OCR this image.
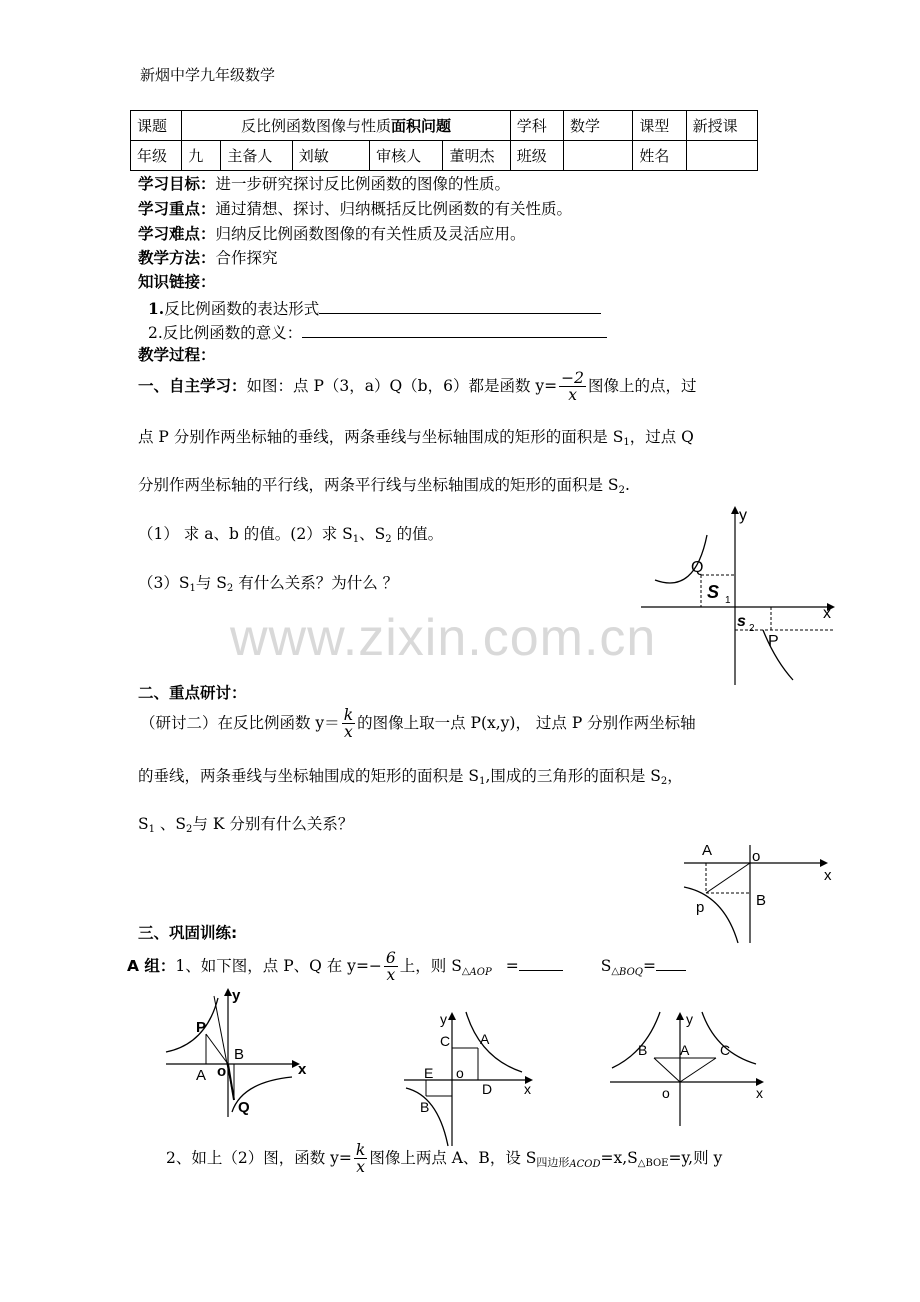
新烟中学九年级数学
课题	反比例函数图像与性质面积问题					学科	数学	课型	新授课
年级	九	主备人	刘敏	审核人	董明杰	班级		姓名	
学习目标：进一步研究探讨反比例函数的图像的性质。
学习重点：通过猜想、探讨、归纳概括反比例函数的有关性质。
学习难点：归纳反比例函数图像的有关性质及灵活应用。
教学方法：合作探究
知识链接：
1.反比例函数的表达形式
2.反比例函数的意义：
教学过程：
一、自主学习：如图：点 P（3，a）Q（b，6）都是函数 $y= \frac{-2}{x}$ 图像上的点，过
点 P 分别作两坐标轴的垂线，两条垂线与坐标轴围成的矩形的面积是 $S_1$，过点 Q
分别作两坐标轴的平行线，两条平行线与坐标轴围成的矩形的面积是 $S_2$.
（1） 求 a、b 的值。(2）求 $S_1$、$S_2$ 的值。
$(3)S_1$与 $S_2$ 有什么关系？为什么 ？
y
x
Q
P
S 1
s 2
www.zixin.com.cn
二、重点研讨：
（研讨二）在反比例函数 $y= \frac{k}{x}$ 的图像上取一点 P(x,y)， 过点 P 分别作两坐标轴
的垂线，两条垂线与坐标轴围成的矩形的面积是 $S_1$,围成的三角形的面积是 $S_2$，
$S_1$ 、$S_2$与 K 分别有什么关系？
A	o
x
B
p
三、巩固训练:
A 组：1、如下图，点 P、Q 在 $y=- \frac{6}{x}$ 上，则 $S_{\triangle AOP}$ =	$S_{\triangle BOQ}=$
y
x
P
B
A o
Q
y
x
C A
E o
D
B
y
x
B A C
o
2、如上（2）图，函数 $y= \frac{k}{x}$ 图像上两点 A、B，设 $S_{四边形ACOD}=x,S_{\triangle BOE}=y$,则 y
